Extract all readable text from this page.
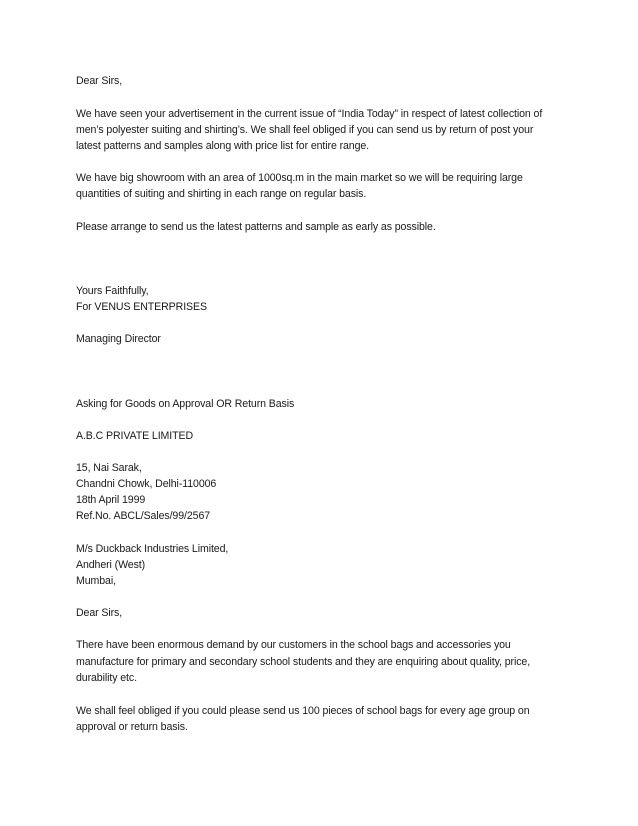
Dear Sirs,
We have seen your advertisement in the current issue of “India Today” in respect of latest collection of
men’s polyester suiting and shirting’s. We shall feel obliged if you can send us by return of post your
latest patterns and samples along with price list for entire range.
We have big showroom with an area of 1000sq.m in the main market so we will be requiring large
quantities of suiting and shirting in each range on regular basis.
Please arrange to send us the latest patterns and sample as early as possible.
Yours Faithfully,
For VENUS ENTERPRISES
Managing Director
Asking for Goods on Approval OR Return Basis
A.B.C PRIVATE LIMITED
15, Nai Sarak,
Chandni Chowk, Delhi-110006
18th April 1999
Ref.No. ABCL/Sales/99/2567
M/s Duckback Industries Limited,
Andheri (West)
Mumbai,
Dear Sirs,
There have been enormous demand by our customers in the school bags and accessories you
manufacture for primary and secondary school students and they are enquiring about quality, price,
durability etc.
We shall feel obliged if you could please send us 100 pieces of school bags for every age group on
approval or return basis.
